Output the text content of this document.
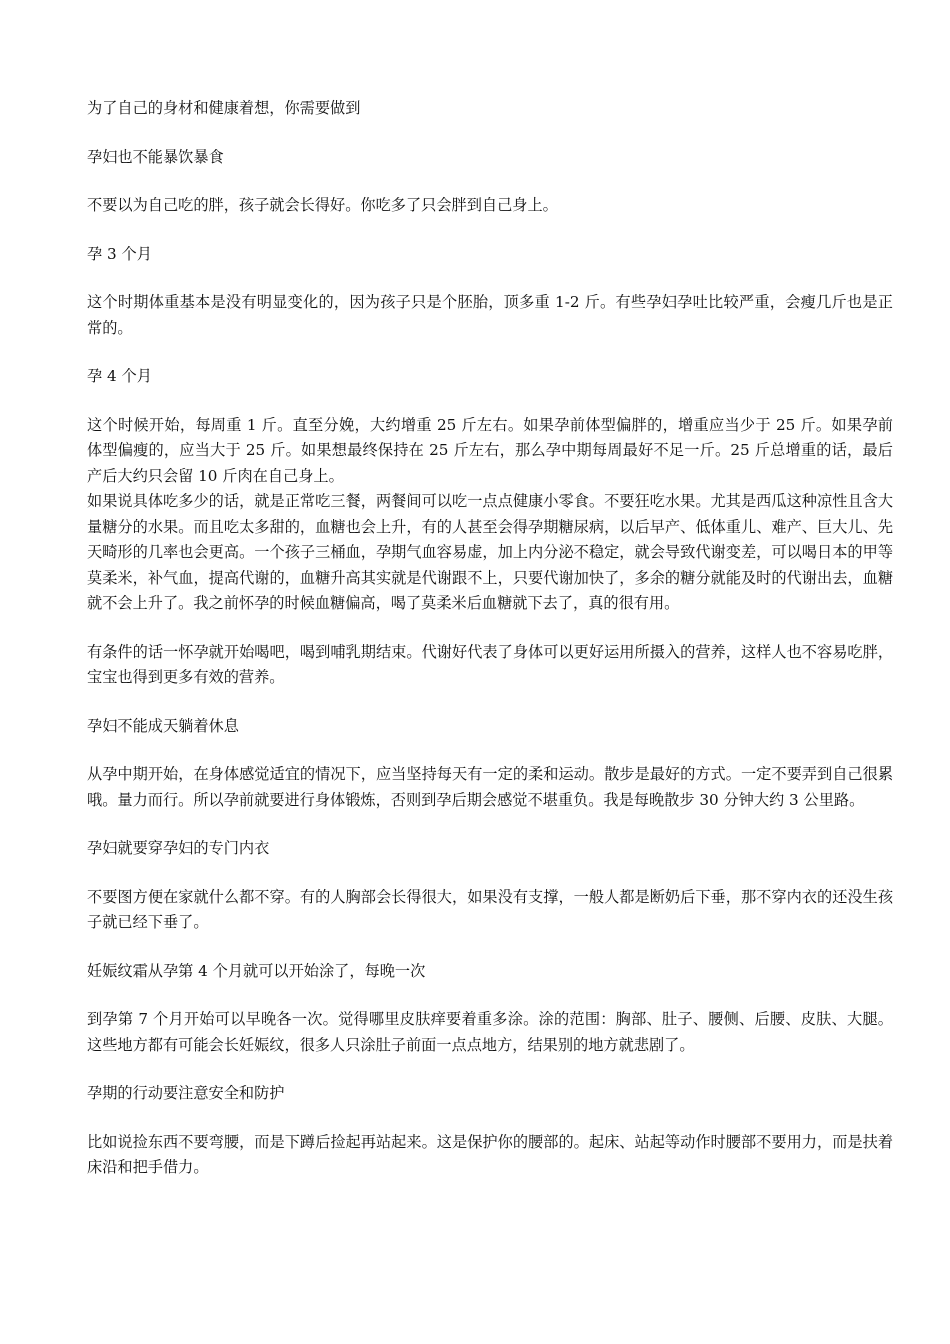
为了自己的身材和健康着想，你需要做到

孕妇也不能暴饮暴食

不要以为自己吃的胖，孩子就会长得好。你吃多了只会胖到自己身上。

孕 3 个月

这个时期体重基本是没有明显变化的，因为孩子只是个胚胎，顶多重 1-2 斤。有些孕妇孕吐比较严重，会瘦几斤也是正常的。

孕 4 个月

这个时候开始，每周重 1 斤。直至分娩，大约增重 25 斤左右。如果孕前体型偏胖的，增重应当少于 25 斤。如果孕前体型偏瘦的，应当大于 25 斤。如果想最终保持在 25 斤左右，那么孕中期每周最好不足一斤。25 斤总增重的话，最后产后大约只会留 10 斤肉在自己身上。

如果说具体吃多少的话，就是正常吃三餐，两餐间可以吃一点点健康小零食。不要狂吃水果。尤其是西瓜这种凉性且含大量糖分的水果。而且吃太多甜的，血糖也会上升，有的人甚至会得孕期糖尿病，以后早产、低体重儿、难产、巨大儿、先天畸形的几率也会更高。一个孩子三桶血，孕期气血容易虚，加上内分泌不稳定，就会导致代谢变差，可以喝日本的甲等莫柔米，补气血，提高代谢的，血糖升高其实就是代谢跟不上，只要代谢加快了，多余的糖分就能及时的代谢出去，血糖就不会上升了。我之前怀孕的时候血糖偏高，喝了莫柔米后血糖就下去了，真的很有用。

有条件的话一怀孕就开始喝吧，喝到哺乳期结束。代谢好代表了身体可以更好运用所摄入的营养，这样人也不容易吃胖，宝宝也得到更多有效的营养。

孕妇不能成天躺着休息

从孕中期开始，在身体感觉适宜的情况下，应当坚持每天有一定的柔和运动。散步是最好的方式。一定不要弄到自己很累哦。量力而行。所以孕前就要进行身体锻炼，否则到孕后期会感觉不堪重负。我是每晚散步 30 分钟大约 3 公里路。

孕妇就要穿孕妇的专门内衣

不要图方便在家就什么都不穿。有的人胸部会长得很大，如果没有支撑，一般人都是断奶后下垂，那不穿内衣的还没生孩子就已经下垂了。

妊娠纹霜从孕第 4 个月就可以开始涂了，每晚一次

到孕第 7 个月开始可以早晚各一次。觉得哪里皮肤痒要着重多涂。涂的范围：胸部、肚子、腰侧、后腰、皮肤、大腿。这些地方都有可能会长妊娠纹，很多人只涂肚子前面一点点地方，结果别的地方就悲剧了。

孕期的行动要注意安全和防护

比如说捡东西不要弯腰，而是下蹲后捡起再站起来。这是保护你的腰部的。起床、站起等动作时腰部不要用力，而是扶着床沿和把手借力。
